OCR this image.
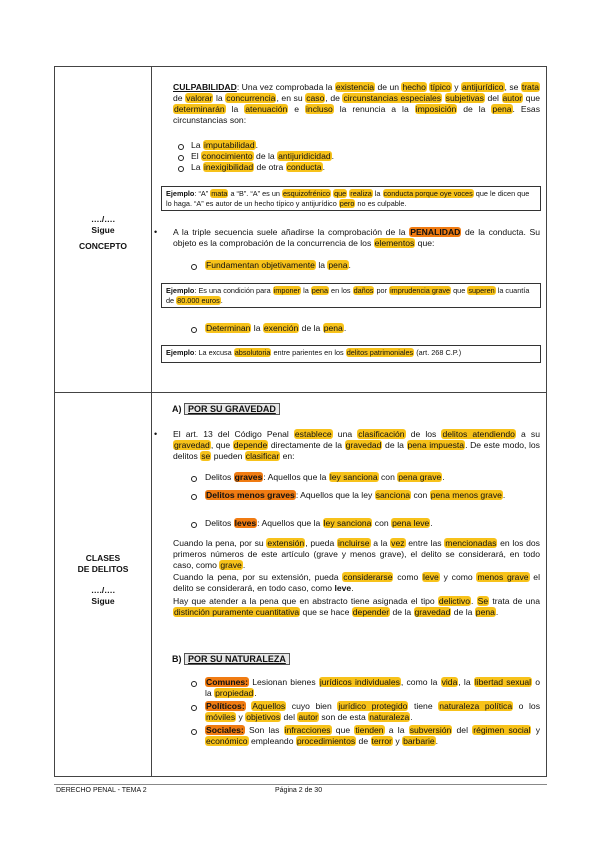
…./….
Sigue
CONCEPTO
CULPABILIDAD: Una vez comprobada la existencia de un hecho típico y antijurídico, se trata de valorar la concurrencia, en su caso, de circunstancias especiales subjetivas del autor que determinarán la atenuación e incluso la renuncia a la imposición de la pena. Esas circunstancias son:
La imputabilidad.
El conocimiento de la antijuridicidad.
La inexigibilidad de otra conducta.
Ejemplo: “A” mata a “B”. “A” es un esquizofrénico que realiza la conducta porque oye voces que le dicen que lo haga. “A” es autor de un hecho típico y antijurídico pero no es culpable.
• A la triple secuencia suele añadirse la comprobación de la PENALIDAD de la conducta. Su objeto es la comprobación de la concurrencia de los elementos que:
Fundamentan objetivamente la pena.
Ejemplo: Es una condición para imponer la pena en los daños por imprudencia grave que superen la cuantía de 80.000 euros.
Determinan la exención de la pena.
Ejemplo: La excusa absolutoria entre parientes en los delitos patrimoniales (art. 268 C.P.)
CLASES
DE DELITOS
…./….
Sigue
A) POR SU GRAVEDAD
• El art. 13 del Código Penal establece una clasificación de los delitos atendiendo a su gravedad, que depende directamente de la gravedad de la pena impuesta. De este modo, los delitos se pueden clasificar en:
Delitos graves: Aquellos que la ley sanciona con pena grave.
Delitos menos graves: Aquellos que la ley sanciona con pena menos grave.
Delitos leves: Aquellos que la ley sanciona con pena leve.
Cuando la pena, por su extensión, pueda incluirse a la vez entre las mencionadas en los dos primeros números de este artículo (grave y menos grave), el delito se considerará, en todo caso, como grave.
Cuando la pena, por su extensión, pueda considerarse como leve y como menos grave el delito se considerará, en todo caso, como leve.
Hay que atender a la pena que en abstracto tiene asignada el tipo delictivo. Se trata de una distinción puramente cuantitativa que se hace depender de la gravedad de la pena.
B) POR SU NATURALEZA
Comunes: Lesionan bienes jurídicos individuales, como la vida, la libertad sexual o la propiedad.
Políticos: Aquellos cuyo bien jurídico protegido tiene naturaleza política o los móviles y objetivos del autor son de esta naturaleza.
Sociales: Son las infracciones que tienden a la subversión del régimen social y económico empleando procedimientos de terror y barbarie.
DERECHO PENAL - TEMA 2	Página 2 de 30
